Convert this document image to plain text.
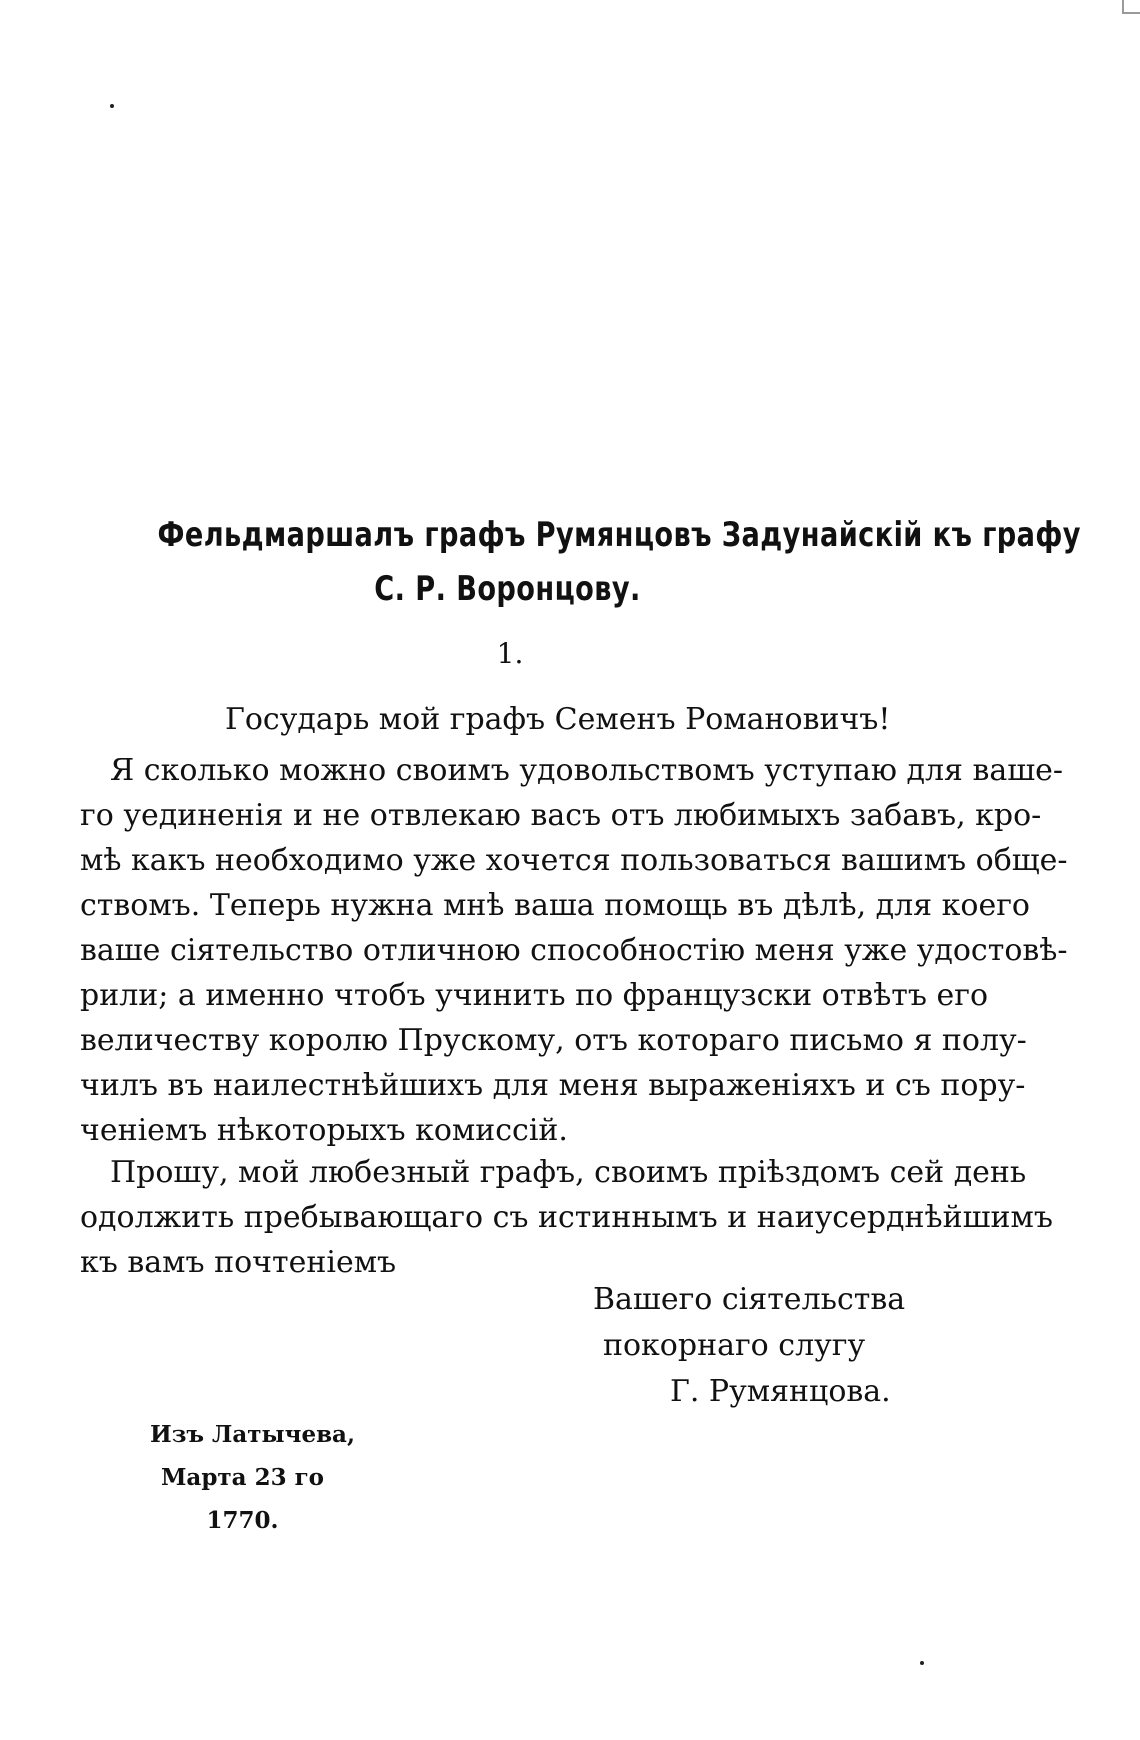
Фельдмаршалъ графъ Румянцовъ Задунайскій къ графу
С. Р. Воронцову.
1.
Государь мой графъ Семенъ Романовичъ!
Я сколько можно своимъ удовольствомъ уступаю для ваше-
го уединенія и не отвлекаю васъ отъ любимыхъ забавъ, кро-
мѣ какъ необходимо уже хочется пользоваться вашимъ обще-
ствомъ. Теперь нужна мнѣ ваша помощь въ дѣлѣ, для коего
ваше сіятельство отличною способностію меня уже удостовѣ-
рили; а именно чтобъ учинить по французски отвѣтъ его
величеству королю Прускому, отъ котораго письмо я полу-
чилъ въ наилестнѣйшихъ для меня выраженіяхъ и съ пору-
ченіемъ нѣкоторыхъ комиссій.
Прошу, мой любезный графъ, своимъ пріѣздомъ сей день
одолжить пребывающаго съ истиннымъ и наиусерднѣйшимъ
къ вамъ почтеніемъ
Вашего сіятельства
покорнаго слугу
Г. Румянцова.
Изъ Латычева,
Марта 23 го
1770.
